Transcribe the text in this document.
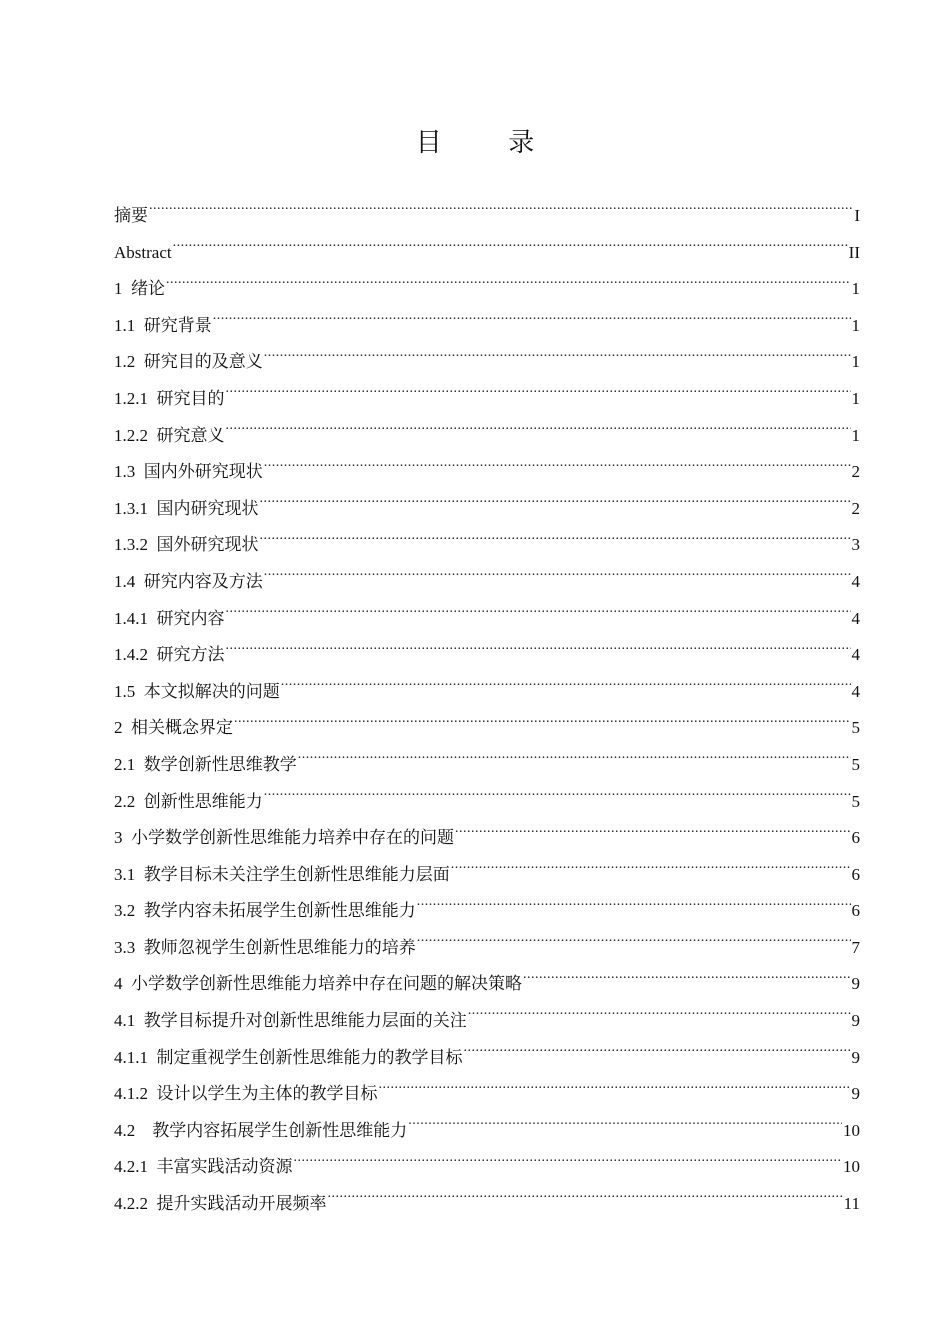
目 录
摘要 .....	I
Abstract .....	II
1  绪论 .....	1
1.1  研究背景 .....	1
1.2  研究目的及意义 .....	1
1.2.1  研究目的 .....	1
1.2.2  研究意义 .....	1
1.3  国内外研究现状 .....	2
1.3.1  国内研究现状 .....	2
1.3.2  国外研究现状 .....	3
1.4  研究内容及方法 .....	4
1.4.1  研究内容 .....	4
1.4.2  研究方法 .....	4
1.5  本文拟解决的问题 .....	4
2  相关概念界定 .....	5
2.1  数学创新性思维教学 .....	5
2.2  创新性思维能力 .....	5
3  小学数学创新性思维能力培养中存在的问题 .....	6
3.1  教学目标未关注学生创新性思维能力层面 .....	6
3.2  教学内容未拓展学生创新性思维能力 .....	6
3.3  教师忽视学生创新性思维能力的培养 .....	7
4  小学数学创新性思维能力培养中存在问题的解决策略 .....	9
4.1  教学目标提升对创新性思维能力层面的关注 .....	9
4.1.1  制定重视学生创新性思维能力的教学目标 .....	9
4.1.2  设计以学生为主体的教学目标 .....	9
4.2    教学内容拓展学生创新性思维能力 .....	10
4.2.1  丰富实践活动资源 .....	10
4.2.2  提升实践活动开展频率 .....	11
